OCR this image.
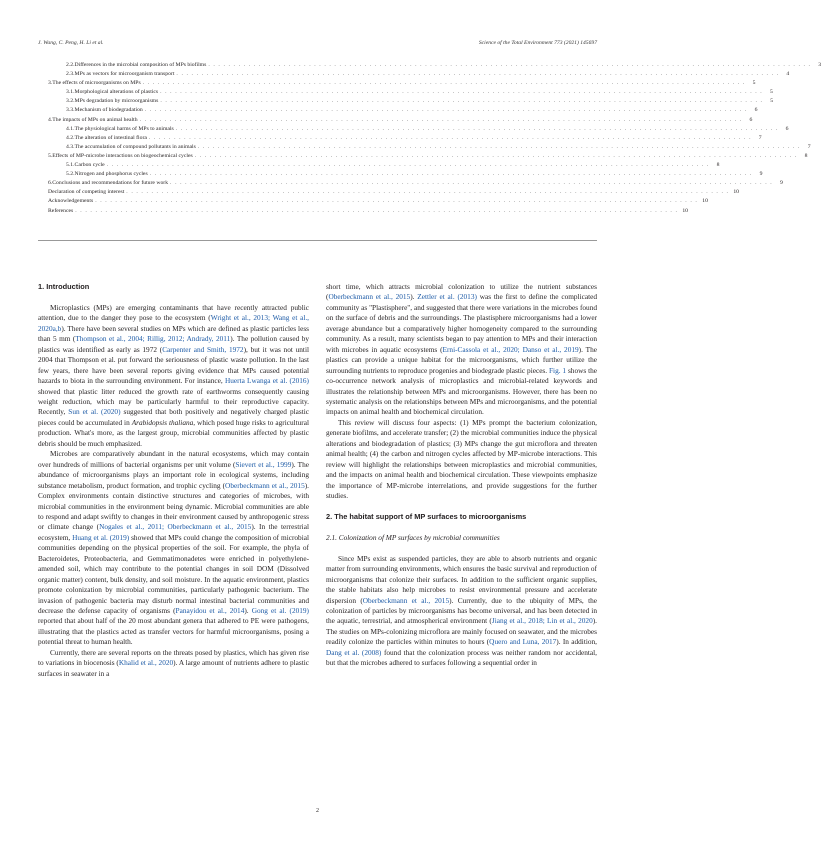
J. Wang, C. Peng, H. Li et al.	Science of the Total Environment 773 (2021) 145697
2.2. Differences in the microbial composition of MPs biofilms . . . . . . . . . . . . . . . . . . . . . . . . . . . . . . . . . . . . . . . . . . . . . . . . . . . . . . . . . . . . . . . . . . . . . . . . . . . . . . . . . . . . . . . . . . . . . . . . . . . . . . . . . . . . . . . . . . . . . . . .	3
2.3. MPs as vectors for microorganism transport . . . . . . . . . . . . . . . . . . . . . . . . . . . . . . . . . . . . . . . . . . . . . . . . . . . . . . . . . . . . . . . . . . . . . . . . . . . . . . . . . . . . . . . . . . . . . . . . . . . . . . . . . . . . . . . . . . . . . . . .	4
3. The effects of microorganisms on MPs . . . . . . . . . . . . . . . . . . . . . . . . . . . . . . . . . . . . . . . . . . . . . . . . . . . . . . . . . . . . . . . . . . . . . . . . . . . . . . . . . . . . . . . . . . . . . . . . . . . . . . . . . . . . . . . . . . . . . . . .	5
3.1. Morphological alterations of plastics . . . . . . . . . . . . . . . . . . . . . . . . . . . . . . . . . . . . . . . . . . . . . . . . . . . . . . . . . . . . . . . . . . . . . . . . . . . . . . . . . . . . . . . . . . . . . . . . . . . . . . . . . . . . . . . . . . . . . . . .	5
3.2. MPs degradation by microorganisms . . . . . . . . . . . . . . . . . . . . . . . . . . . . . . . . . . . . . . . . . . . . . . . . . . . . . . . . . . . . . . . . . . . . . . . . . . . . . . . . . . . . . . . . . . . . . . . . . . . . . . . . . . . . . . . . . . . . . . . .	5
3.3. Mechanism of biodegradation . . . . . . . . . . . . . . . . . . . . . . . . . . . . . . . . . . . . . . . . . . . . . . . . . . . . . . . . . . . . . . . . . . . . . . . . . . . . . . . . . . . . . . . . . . . . . . . . . . . . . . . . . . . . . . . . . . . . . . . .	6
4. The impacts of MPs on animal health . . . . . . . . . . . . . . . . . . . . . . . . . . . . . . . . . . . . . . . . . . . . . . . . . . . . . . . . . . . . . . . . . . . . . . . . . . . . . . . . . . . . . . . . . . . . . . . . . . . . . . . . . . . . . . . . . . . . . . . .	6
4.1. The physiological harms of MPs to animals . . . . . . . . . . . . . . . . . . . . . . . . . . . . . . . . . . . . . . . . . . . . . . . . . . . . . . . . . . . . . . . . . . . . . . . . . . . . . . . . . . . . . . . . . . . . . . . . . . . . . . . . . . . . . . . . . . . . . . . .	6
4.2. The alteration of intestinal flora . . . . . . . . . . . . . . . . . . . . . . . . . . . . . . . . . . . . . . . . . . . . . . . . . . . . . . . . . . . . . . . . . . . . . . . . . . . . . . . . . . . . . . . . . . . . . . . . . . . . . . . . . . . . . . . . . . . . . . . .	7
4.3. The accumulation of compound pollutants in animals . . . . . . . . . . . . . . . . . . . . . . . . . . . . . . . . . . . . . . . . . . . . . . . . . . . . . . . . . . . . . . . . . . . . . . . . . . . . . . . . . . . . . . . . . . . . . . . . . . . . . . . . . . . . . . . . . . . . . . . .	7
5. Effects of MP-microbe interactions on biogeochemical cycles . . . . . . . . . . . . . . . . . . . . . . . . . . . . . . . . . . . . . . . . . . . . . . . . . . . . . . . . . . . . . . . . . . . . . . . . . . . . . . . . . . . . . . . . . . . . . . . . . . . . . . . . . . . . . . . . . . . . . . . .	8
5.1. Carbon cycle . . . . . . . . . . . . . . . . . . . . . . . . . . . . . . . . . . . . . . . . . . . . . . . . . . . . . . . . . . . . . . . . . . . . . . . . . . . . . . . . . . . . . . . . . . . . . . . . . . . . . . . . . . . . . . . . . . . . . . . .	8
5.2. Nitrogen and phosphorus cycles . . . . . . . . . . . . . . . . . . . . . . . . . . . . . . . . . . . . . . . . . . . . . . . . . . . . . . . . . . . . . . . . . . . . . . . . . . . . . . . . . . . . . . . . . . . . . . . . . . . . . . . . . . . . . . . . . . . . . . . .	9
6. Conclusions and recommendations for future work . . . . . . . . . . . . . . . . . . . . . . . . . . . . . . . . . . . . . . . . . . . . . . . . . . . . . . . . . . . . . . . . . . . . . . . . . . . . . . . . . . . . . . . . . . . . . . . . . . . . . . . . . . . . . . . . . . . . . . . .	9
Declaration of competing interest . . . . . . . . . . . . . . . . . . . . . . . . . . . . . . . . . . . . . . . . . . . . . . . . . . . . . . . . . . . . . . . . . . . . . . . . . . . . . . . . . . . . . . . . . . . . . . . . . . . . . . . . . . . . . . . . . . . . . . . . 10
Acknowledgements . . . . . . . . . . . . . . . . . . . . . . . . . . . . . . . . . . . . . . . . . . . . . . . . . . . . . . . . . . . . . . . . . . . . . . . . . . . . . . . . . . . . . . . . . . . . . . . . . . . . . . . . . . . . . . . . . . . . . . . . 10
References . . . . . . . . . . . . . . . . . . . . . . . . . . . . . . . . . . . . . . . . . . . . . . . . . . . . . . . . . . . . . . . . . . . . . . . . . . . . . . . . . . . . . . . . . . . . . . . . . . . . . . . . . . . . . . . . . . . . . . . . 10
1. Introduction

Microplastics (MPs) are emerging contaminants that have recently attracted public attention, due to the danger they pose to the ecosystem (Wright et al., 2013; Wang et al., 2020a,b). There have been several studies on MPs which are defined as plastic particles less than 5 mm (Thompson et al., 2004; Rillig, 2012; Andrady, 2011). The pollution caused by plastics was identified as early as 1972 (Carpenter and Smith, 1972), but it was not until 2004 that Thompson et al. put forward the seriousness of plastic waste pollution. In the last few years, there have been several reports giving evidence that MPs caused potential hazards to biota in the surrounding environment. For instance, Huerta Lwanga et al. (2016) showed that plastic litter reduced the growth rate of earthworms consequently causing weight reduction, which may be particularly harmful to their reproductive capacity. Recently, Sun et al. (2020) suggested that both positively and negatively charged plastic pieces could be accumulated in Arabidopsis thaliana, which posed huge risks to agricultural production. What's more, as the largest group, microbial communities affected by plastic debris should be much emphasized.

Microbes are comparatively abundant in the natural ecosystems, which may contain over hundreds of millions of bacterial organisms per unit volume (Sievert et al., 1999). The abundance of microorganisms plays an important role in ecological systems, including substance metabolism, product formation, and trophic cycling (Oberbeckmann et al., 2015). Complex environments contain distinctive structures and categories of microbes, with microbial communities in the environment being dynamic. Microbial communities are able to respond and adapt swiftly to changes in their environment caused by anthropogenic stress or climate change (Nogales et al., 2011; Oberbeckmann et al., 2015). In the terrestrial ecosystem, Huang et al. (2019) showed that MPs could change the composition of microbial communities depending on the physical properties of the soil. For example, the phyla of Bacteroidetes, Proteobacteria, and Gemmatimonadetes were enriched in polyethylene-amended soil, which may contribute to the potential changes in soil DOM (Dissolved organic matter) content, bulk density, and soil moisture. In the aquatic environment, plastics promote colonization by microbial communities, particularly pathogenic bacterium. The invasion of pathogenic bacteria may disturb normal intestinal bacterial communities and decrease the defense capacity of organisms (Panayidou et al., 2014). Gong et al. (2019) reported that about half of the 20 most abundant genera that adhered to PE were pathogens, illustrating that the plastics acted as transfer vectors for harmful microorganisms, posing a potential threat to human health.

Currently, there are several reports on the threats posed by plastics, which has given rise to variations in biocenosis (Khalid et al., 2020). A large amount of nutrients adhere to plastic surfaces in seawater in a

short time, which attracts microbial colonization to utilize the nutrient substances (Oberbeckmann et al., 2015). Zettler et al. (2013) was the first to define the complicated community as "Plastisphere", and suggested that there were variations in the microbes found on the surface of debris and the surroundings. The plastisphere microorganisms had a lower average abundance but a comparatively higher homogeneity compared to the surrounding community. As a result, many scientists began to pay attention to MPs and their interaction with microbes in aquatic ecosystems (Erni-Cassola et al., 2020; Danso et al., 2019). The plastics can provide a unique habitat for the microorganisms, which further utilize the surrounding nutrients to reproduce progenies and biodegrade plastic pieces. Fig. 1 shows the co-occurrence network analysis of microplastics and microbial-related keywords and illustrates the relationship between MPs and microorganisms. However, there has been no systematic analysis on the relationships between MPs and microorganisms, and the potential impacts on animal health and biochemical circulation.

This review will discuss four aspects: (1) MPs prompt the bacterium colonization, generate biofilms, and accelerate transfer; (2) the microbial communities induce the physical alterations and biodegradation of plastics; (3) MPs change the gut microflora and threaten animal health; (4) the carbon and nitrogen cycles affected by MP-microbe interactions. This review will highlight the relationships between microplastics and microbial communities, and the impacts on animal health and biochemical circulation. These viewpoints emphasize the importance of MP-microbe interrelations, and provide suggestions for the further studies.

2. The habitat support of MP surfaces to microorganisms
2.1. Colonization of MP surfaces by microbial communities

Since MPs exist as suspended particles, they are able to absorb nutrients and organic matter from surrounding environments, which ensures the basic survival and reproduction of microorganisms that colonize their surfaces. In addition to the sufficient organic supplies, the stable habitats also help microbes to resist environmental pressure and accelerate dispersion (Oberbeckmann et al., 2015). Currently, due to the ubiquity of MPs, the colonization of particles by microorganisms has become universal, and has been detected in the aquatic, terrestrial, and atmospherical environment (Jiang et al., 2018; Lin et al., 2020). The studies on MPs-colonizing microflora are mainly focused on seawater, and the microbes readily colonize the particles within minutes to hours (Quero and Luna, 2017). In addition, Dang et al. (2008) found that the colonization process was neither random nor accidental, but that the microbes adhered to surfaces following a sequential order in

2
